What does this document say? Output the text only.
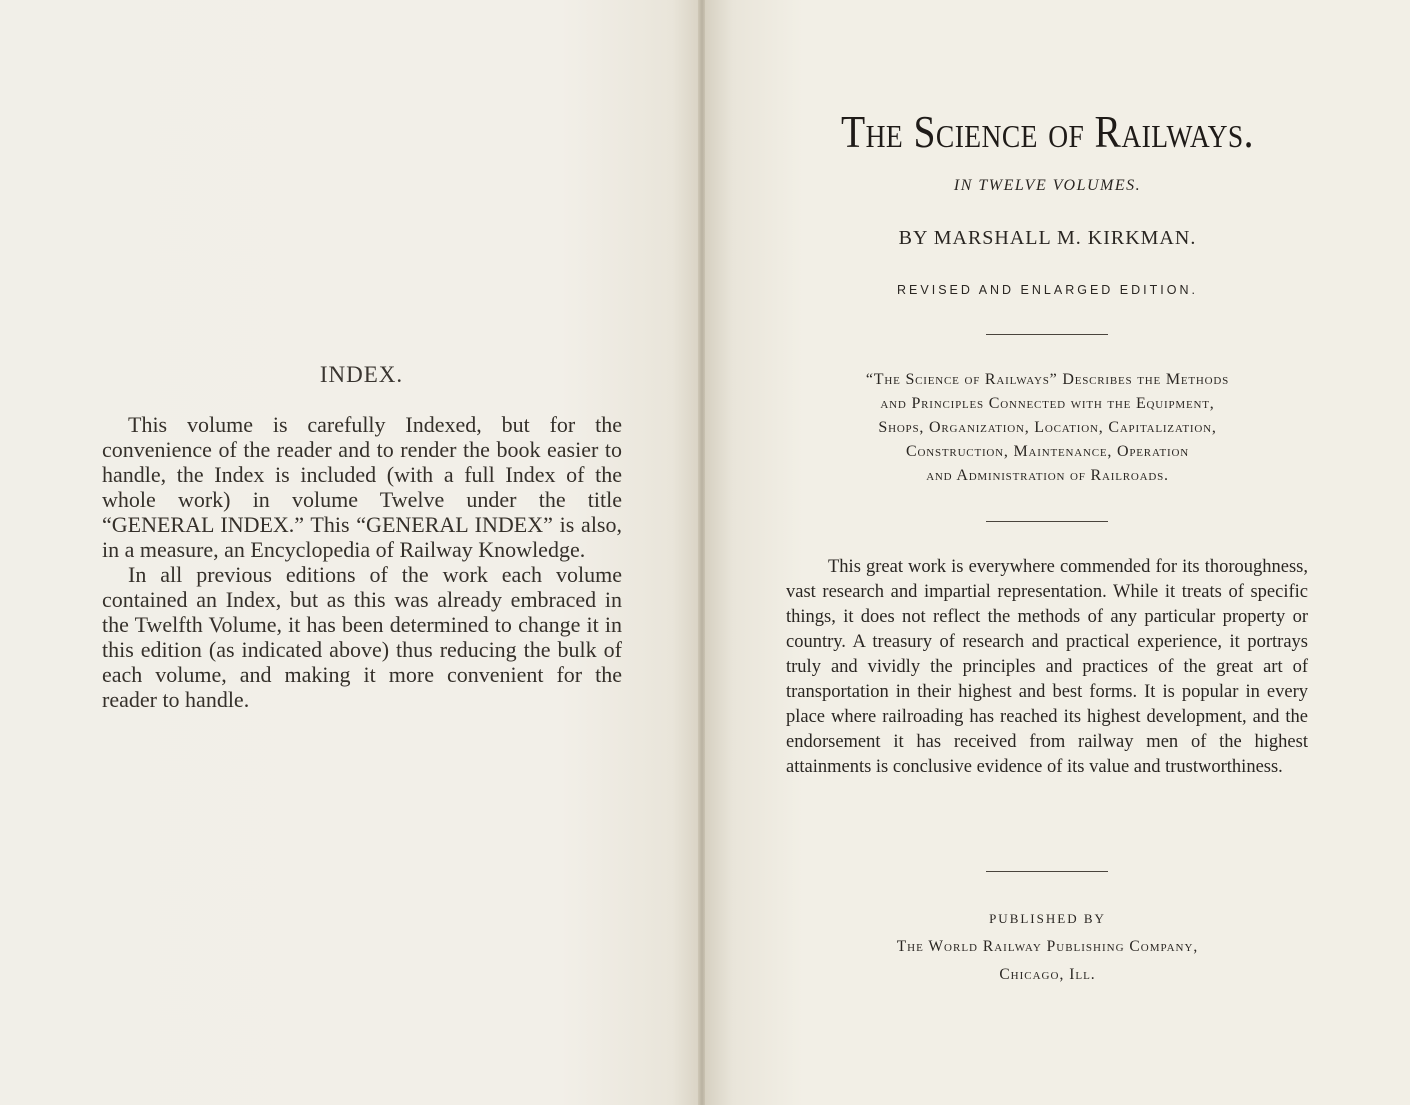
INDEX.

This volume is carefully Indexed, but for the convenience of the reader and to render the book easier to handle, the Index is included (with a full Index of the whole work) in volume Twelve under the title “GENERAL INDEX.” This “GENERAL INDEX” is also, in a measure, an Encyclopedia of Railway Knowledge.

In all previous editions of the work each volume contained an Index, but as this was already embraced in the Twelfth Volume, it has been determined to change it in this edition (as indicated above) thus reducing the bulk of each volume, and making it more convenient for the reader to handle.

The Science of Railways.
IN TWELVE VOLUMES.
BY MARSHALL M. KIRKMAN.
REVISED AND ENLARGED EDITION.
“The Science of Railways” Describes the Methods
and Principles Connected with the Equipment,
Shops, Organization, Location, Capitalization,
Construction, Maintenance, Operation
and Administration of Railroads.

This great work is everywhere commended for its thoroughness, vast research and impartial representation. While it treats of specific things, it does not reflect the methods of any particular property or country. A treasury of research and practical experience, it portrays truly and vividly the principles and practices of the great art of transportation in their highest and best forms. It is popular in every place where railroading has reached its highest development, and the endorsement it has received from railway men of the highest attainments is conclusive evidence of its value and trustworthiness.

PUBLISHED BY
The World Railway Publishing Company,
Chicago, Ill.
